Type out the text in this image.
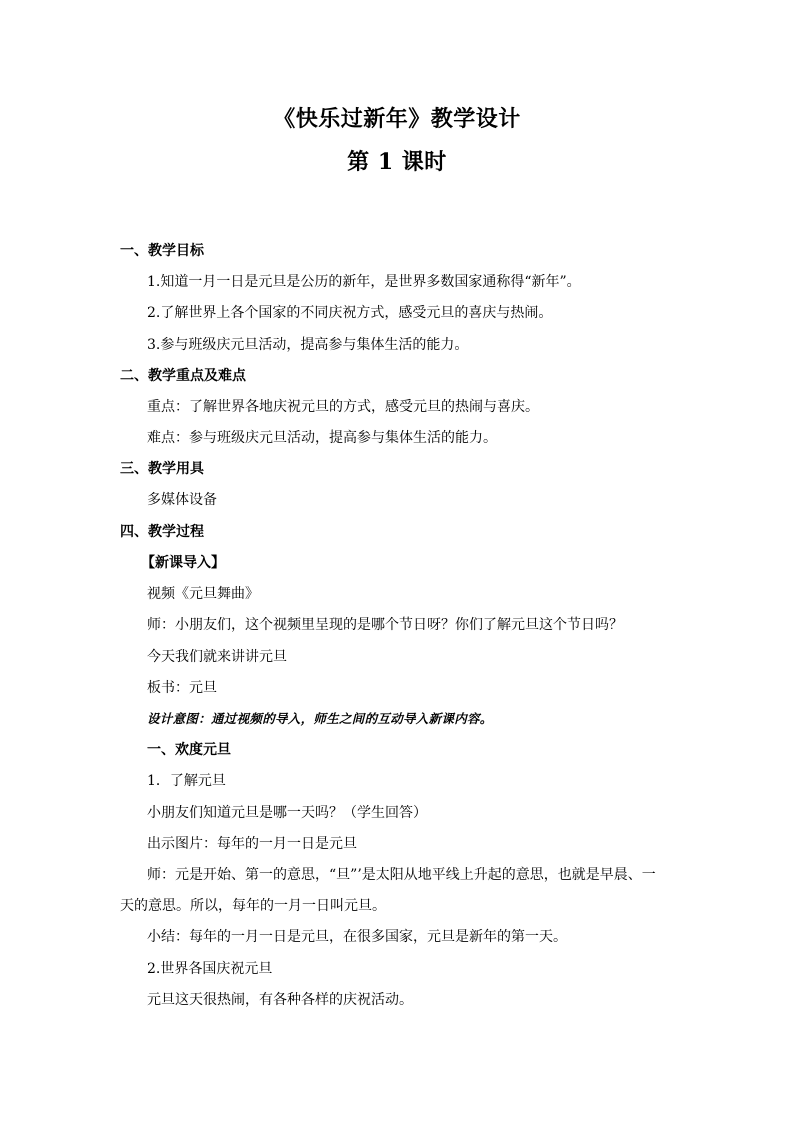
《快乐过新年》教学设计
第 1 课时
一、教学目标
1.知道一月一日是元旦是公历的新年，是世界多数国家通称得“新年”。
2.了解世界上各个国家的不同庆祝方式，感受元旦的喜庆与热闹。
3.参与班级庆元旦活动，提高参与集体生活的能力。
二、教学重点及难点
重点：了解世界各地庆祝元旦的方式，感受元旦的热闹与喜庆。
难点：参与班级庆元旦活动，提高参与集体生活的能力。
三、教学用具
多媒体设备
四、教学过程
【新课导入】
视频《元旦舞曲》
师：小朋友们，这个视频里呈现的是哪个节日呀？你们了解元旦这个节日吗？
今天我们就来讲讲元旦
板书：元旦
设计意图：通过视频的导入，师生之间的互动导入新课内容。
一、欢度元旦
1．了解元旦
小朋友们知道元旦是哪一天吗？（学生回答）
出示图片：每年的一月一日是元旦
师：元是开始、第一的意思，“旦”’是太阳从地平线上升起的意思，也就是早晨、一
天的意思。所以，每年的一月一日叫元旦。
小结：每年的一月一日是元旦，在很多国家，元旦是新年的第一天。
2.世界各国庆祝元旦
元旦这天很热闹，有各种各样的庆祝活动。
